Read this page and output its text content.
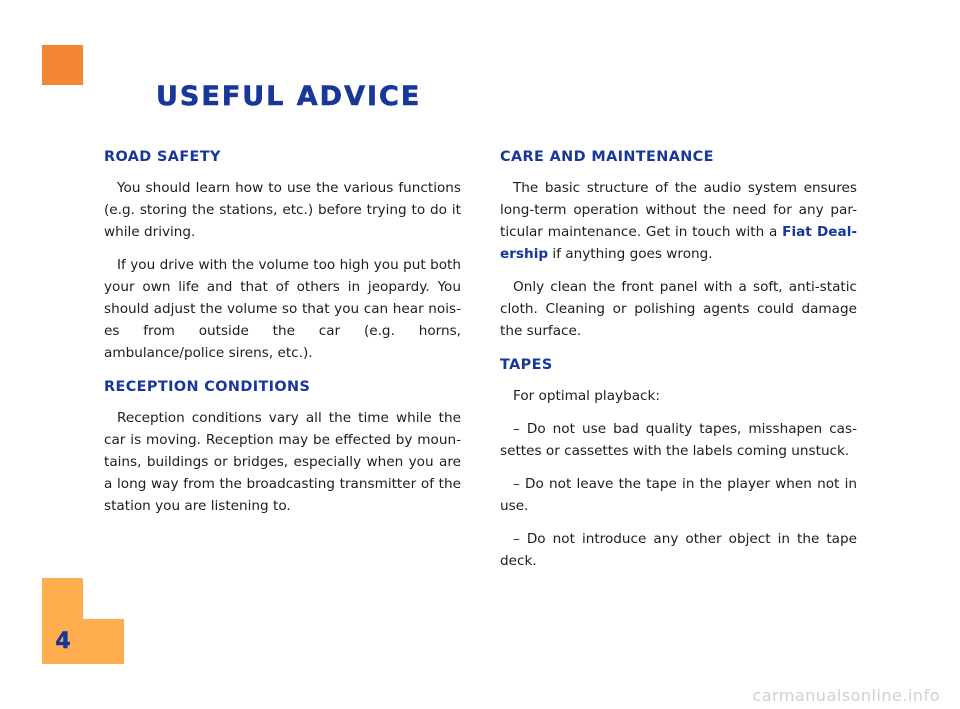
USEFUL ADVICE
ROAD SAFETY

You should learn how to use the various functions (e.g. storing the stations, etc.) before trying to do it while driving.

If you drive with the volume too high you put both your own life and that of others in jeopardy. You should adjust the volume so that you can hear nois-es from outside the car (e.g. horns, ambulance/police sirens, etc.).

RECEPTION CONDITIONS

Reception conditions vary all the time while the car is moving. Reception may be effected by moun-tains, buildings or bridges, especially when you are a long way from the broadcasting transmitter of the station you are listening to.

CARE AND MAINTENANCE

The basic structure of the audio system ensures long-term operation without the need for any par-ticular maintenance. Get in touch with a Fiat Deal-ership if anything goes wrong.

Only clean the front panel with a soft, anti-static cloth. Cleaning or polishing agents could damage the surface.

TAPES

For optimal playback:

– Do not use bad quality tapes, misshapen cas-settes or cassettes with the labels coming unstuck.

– Do not leave the tape in the player when not in use.

– Do not introduce any other object in the tape deck.

4
carmanualsonline.info
